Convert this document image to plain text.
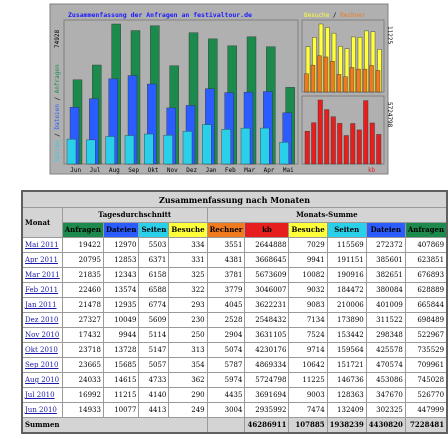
Zusammenfassung der Anfragen an festivaltour.de	Besuche / Rechner
74928
Seiten / Dateien / Anfragen
11225
5724798
kb
Jun Jul Aug Sep Okt Nov Dez Jan Feb Mar Apr Mai
Zusammenfassung nach Monaten										
Monat	Tagesdurchschnitt				Monats-Summe					
	Anfragen	Dateien	Seiten	Besuche	Rechner	kb	Besuche	Seiten	Dateien	Anfragen
Mai 2011	19422	12970	5503	334	3551	2644888	7029	115569	272372	407869
Apr 2011	20795	12853	6371	331	4381	3668645	9941	191151	385601	623851
Mar 2011	21835	12343	6158	325	3781	5673609	10082	190916	382651	676893
Feb 2011	22460	13574	6588	322	3779	3046007	9032	184472	380084	628889
Jan 2011	21478	12935	6774	293	4045	3622231	9083	210006	401009	665844
Dez 2010	27327	10049	5609	230	2528	2548432	7134	173890	311522	698489
Nov 2010	17432	9944	5114	250	2904	3631105	7524	153442	298348	522967
Okt 2010	23718	13728	5147	313	5074	4230176	9714	159564	425578	735529
Sep 2010	23665	15685	5057	354	5787	4869334	10642	151721	470574	709961
Aug 2010	24033	14615	4733	362	5974	5724798	11225	146736	453086	745028
Jul 2010	16992	11215	4140	290	4435	3691694	9003	128363	347670	526770
Jun 2010	14933	10077	4413	249	3004	2935992	7474	132409	302325	447999
Summen						46286911	107885	1938239	4430820	7228481
